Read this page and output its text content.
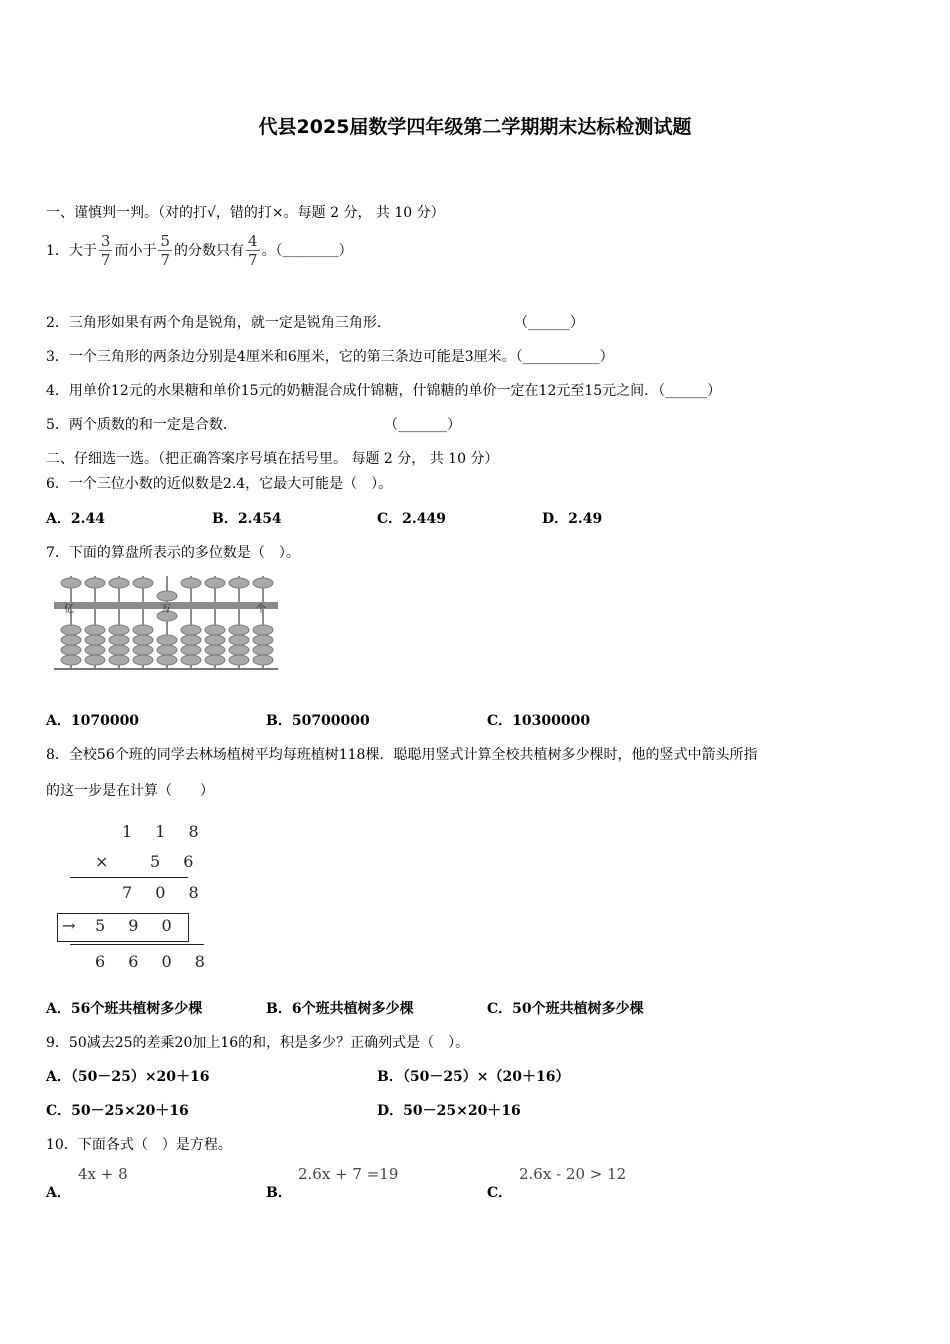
代县2025届数学四年级第二学期期末达标检测试题
一、谨慎判一判。（对的打√，错的打×。每题 2 分， 共 10 分）
1．大于 $\frac{3}{7}$ 而小于 $\frac{5}{7}$ 的分数只有 $\frac{4}{7}$ 。（ ________ ）
2．三角形如果有两个角是锐角，就一定是锐角三角形．	（______）
3．一个三角形的两条边分别是4厘米和6厘米，它的第三条边可能是3厘米。（___________）
4．用单价12元的水果糖和单价15元的奶糖混合成什锦糖，什锦糖的单价一定在12元至15元之间．（______）
5．两个质数的和一定是合数．	（_______）
二、仔细选一选。（把正确答案序号填在括号里。 每题 2 分， 共 10 分）
6．一个三位小数的近似数是2.4，它最大可能是（　）。
A．2.44	B．2.454	C．2.449	D．2.49
7．下面的算盘所表示的多位数是（　）。
亿	万	个
A．1070000	B．50700000	C．10300000
8．全校56个班的同学去林场植树平均每班植树118棵．聪聪用竖式计算全校共植树多少棵时，他的竖式中箭头所指
的这一步是在计算（　　）
1 1 8
×	5 6
7 0 8
→ 5 9 0
6 6 0 8
A．56个班共植树多少棵	B．6个班共植树多少棵	C．50个班共植树多少棵
9．50减去25的差乘20加上16的和，积是多少？正确列式是（　）。
A．（50－25）×20＋16	B．（50－25）×（20＋16）
C．50－25×20＋16	D．50－25×20＋16
10．下面各式（　）是方程。
A．
4x + 8
B．
2.6x + 7 =19
C．
2.6x - 20 > 12
